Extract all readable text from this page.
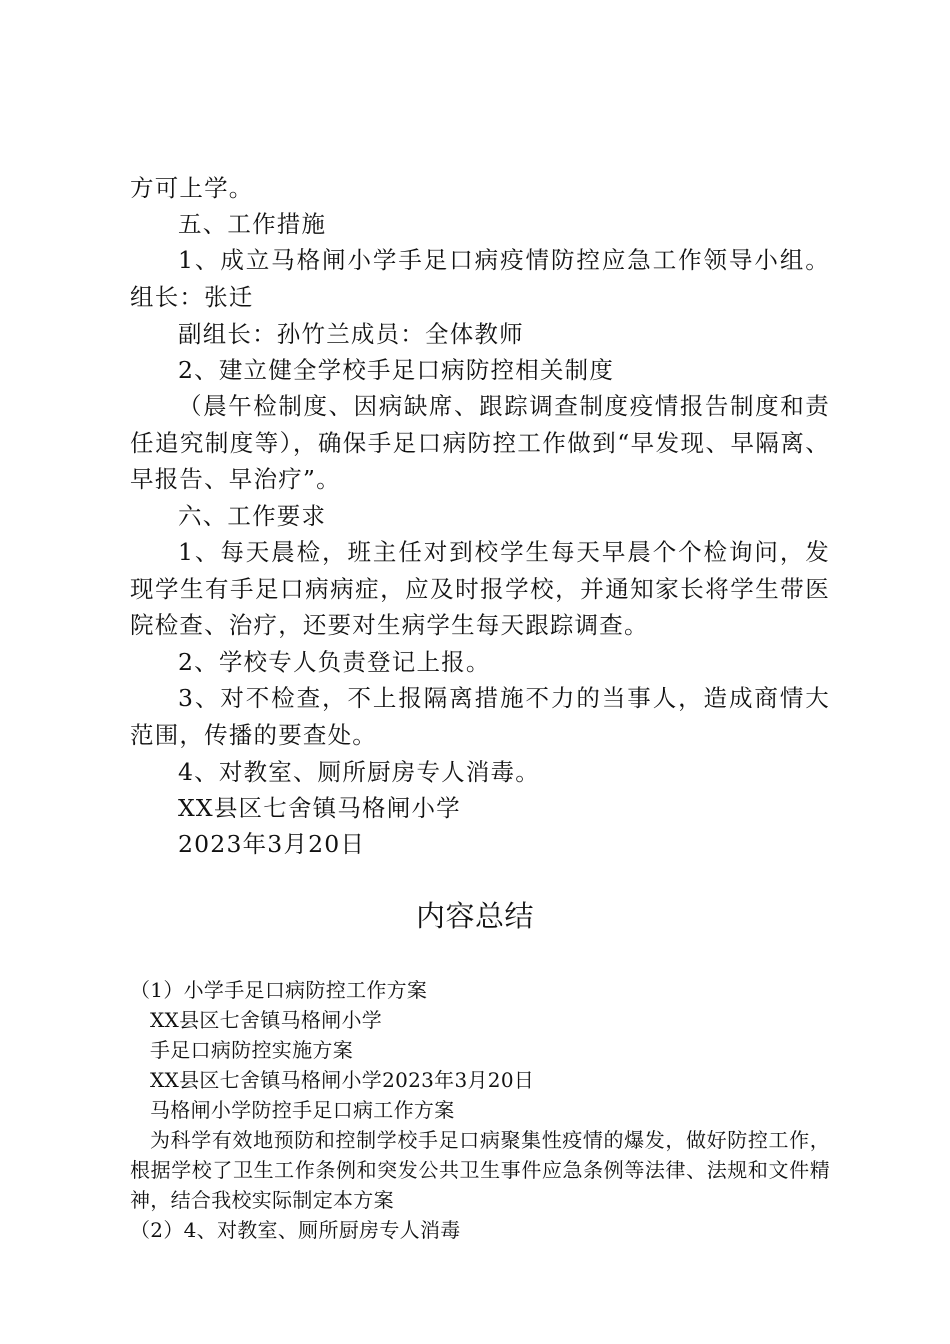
方可上学。

五、工作措施

1、成立马格闸小学手足口病疫情防控应急工作领导小组。组长：张迁

副组长：孙竹兰成员：全体教师

2、建立健全学校手足口病防控相关制度

（晨午检制度、因病缺席、跟踪调查制度疫情报告制度和责任追究制度等），确保手足口病防控工作做到“早发现、早隔离、早报告、早治疗”。

六、工作要求

1、每天晨检，班主任对到校学生每天早晨个个检询问，发现学生有手足口病病症，应及时报学校，并通知家长将学生带医院检查、治疗，还要对生病学生每天跟踪调查。

2、学校专人负责登记上报。

3、对不检查，不上报隔离措施不力的当事人，造成商情大范围，传播的要查处。

4、对教室、厕所厨房专人消毒。

XX县区七舍镇马格闸小学

2023年3月20日

内容总结

（1）小学手足口病防控工作方案

XX县区七舍镇马格闸小学

手足口病防控实施方案

XX县区七舍镇马格闸小学2023年3月20日

马格闸小学防控手足口病工作方案

为科学有效地预防和控制学校手足口病聚集性疫情的爆发，做好防控工作，根据学校了卫生工作条例和突发公共卫生事件应急条例等法律、法规和文件精神，结合我校实际制定本方案

（2）4、对教室、厕所厨房专人消毒
